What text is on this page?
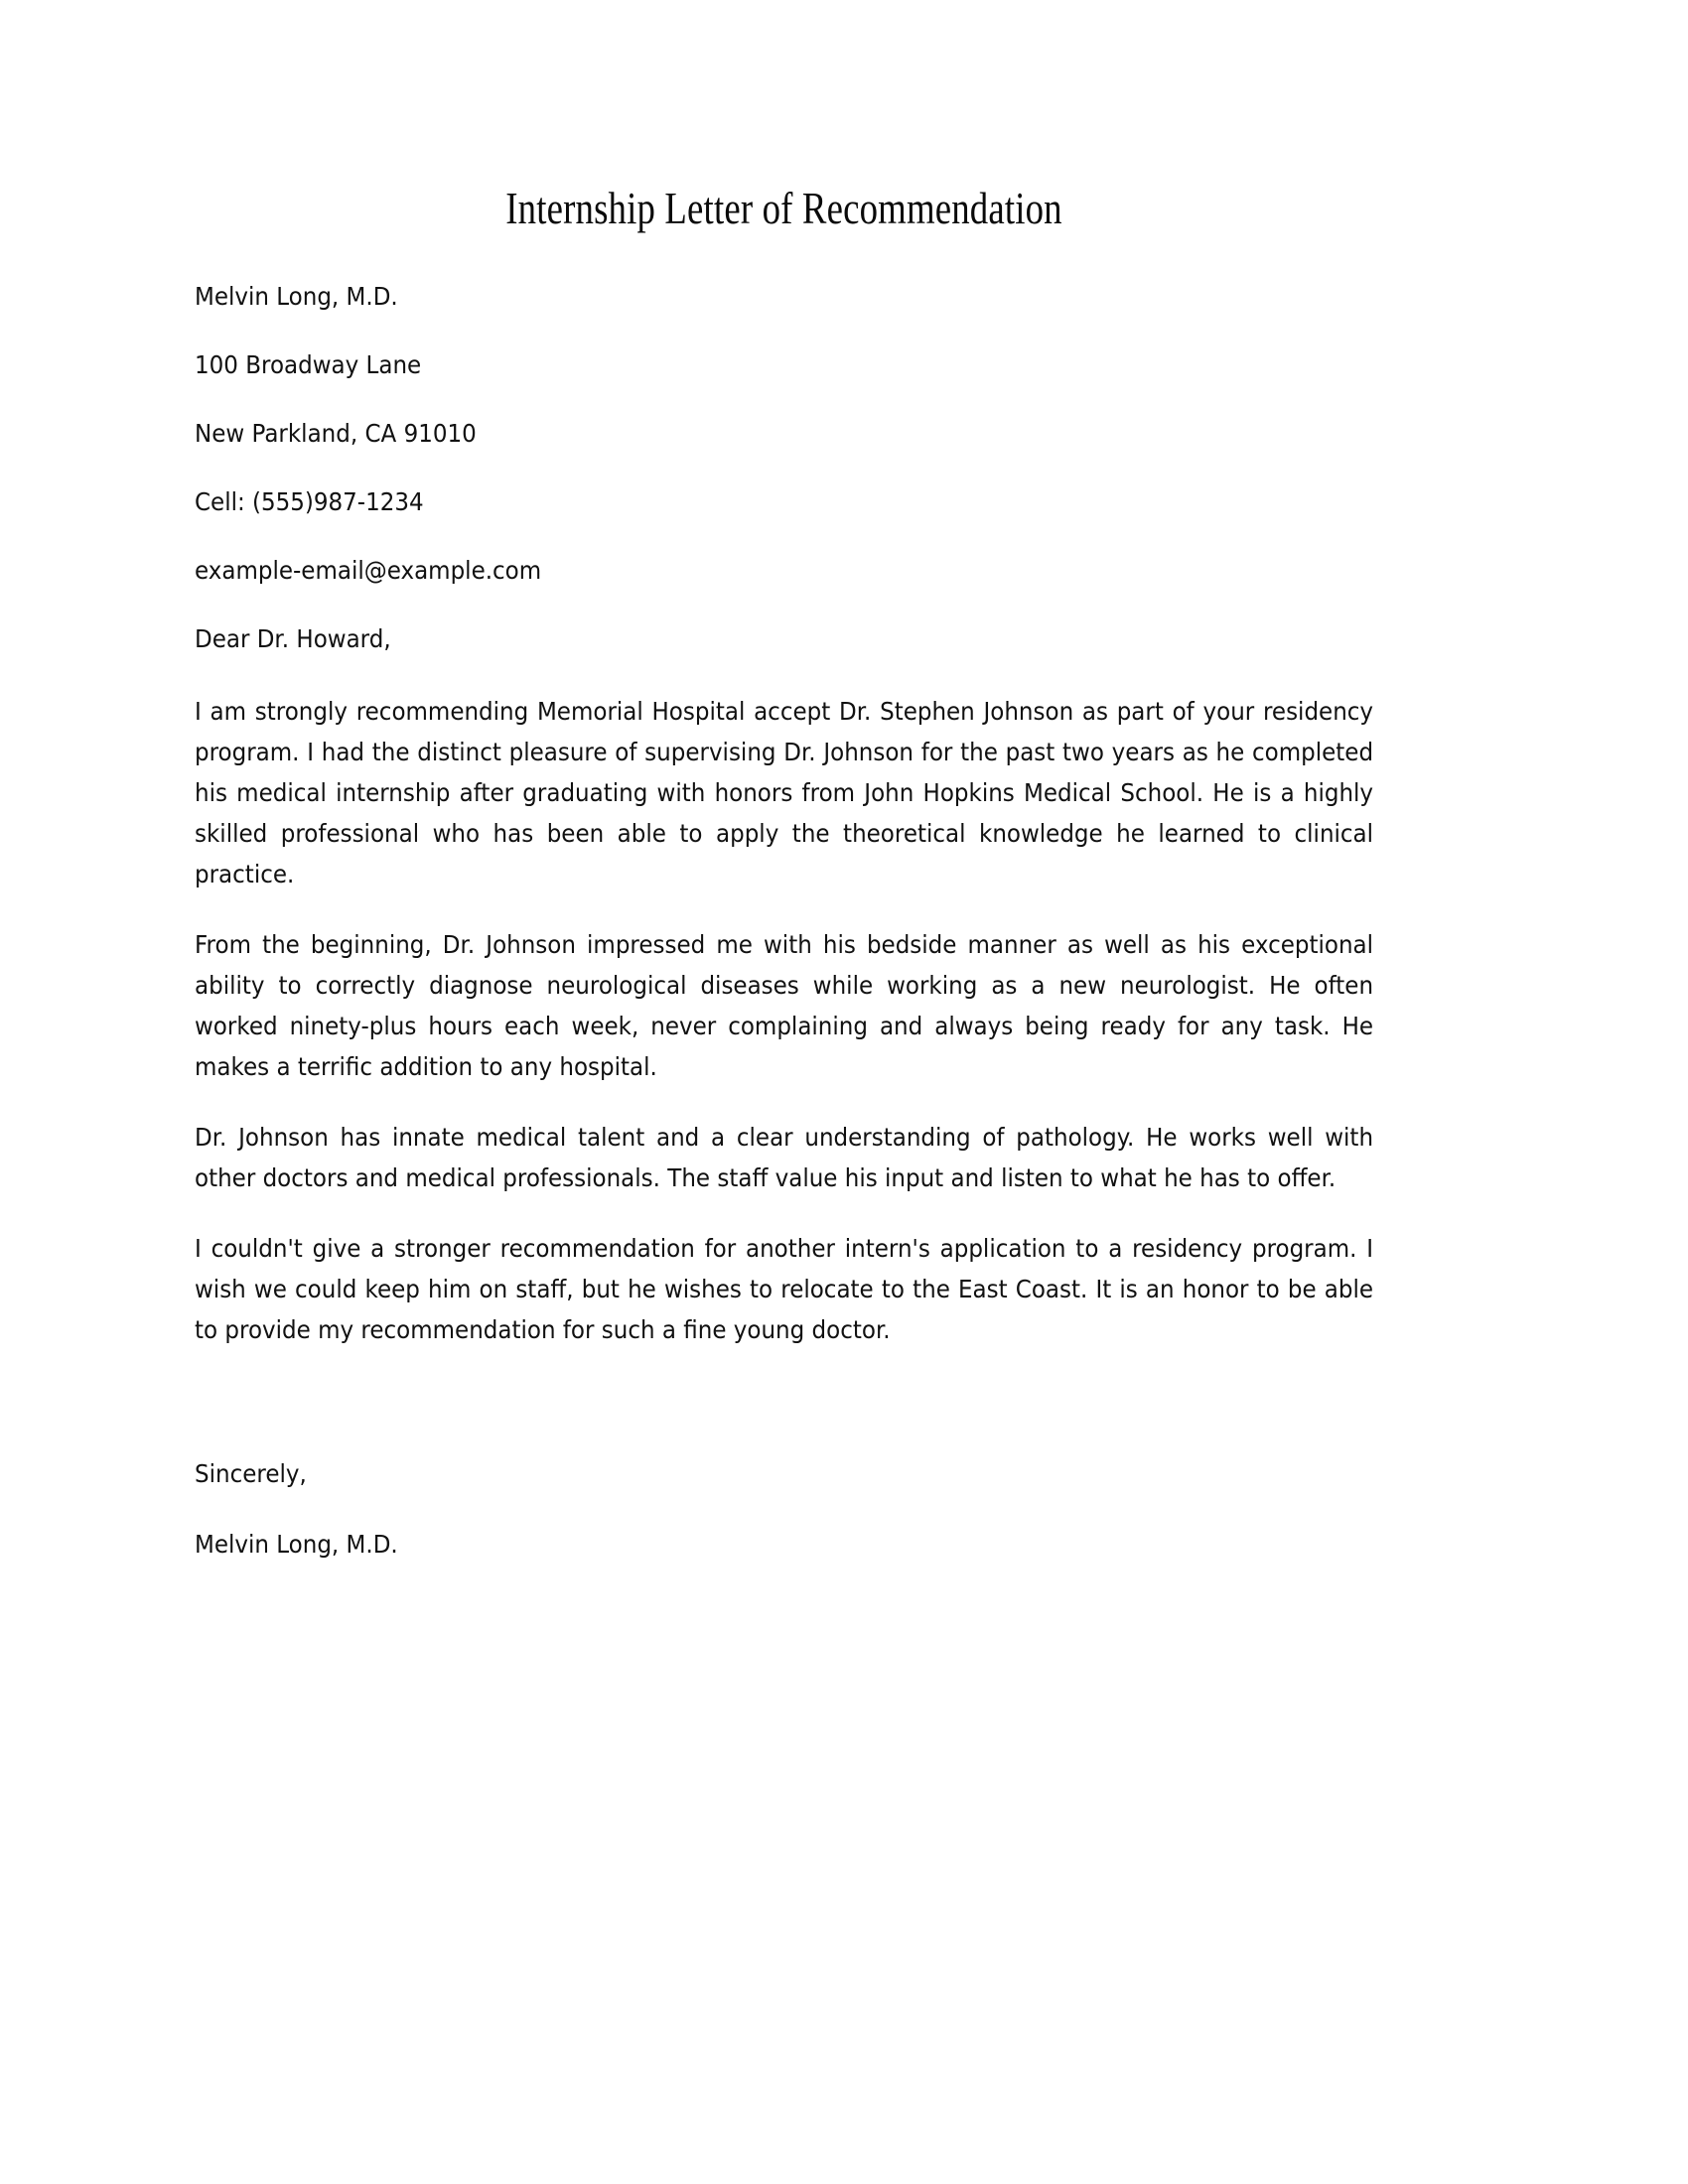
Internship Letter of Recommendation

Melvin Long, M.D.

100 Broadway Lane

New Parkland, CA 91010

Cell: (555)987-1234

example-email@example.com

Dear Dr. Howard,

I am strongly recommending Memorial Hospital accept Dr. Stephen Johnson as part of your residency program. I had the distinct pleasure of supervising Dr. Johnson for the past two years as he completed his medical internship after graduating with honors from John Hopkins Medical School. He is a highly skilled professional who has been able to apply the theoretical knowledge he learned to clinical practice.

From the beginning, Dr. Johnson impressed me with his bedside manner as well as his exceptional ability to correctly diagnose neurological diseases while working as a new neurologist. He often worked ninety-plus hours each week, never complaining and always being ready for any task. He makes a terrific addition to any hospital.

Dr. Johnson has innate medical talent and a clear understanding of pathology. He works well with other doctors and medical professionals. The staff value his input and listen to what he has to offer.

I couldn't give a stronger recommendation for another intern's application to a residency program. I wish we could keep him on staff, but he wishes to relocate to the East Coast. It is an honor to be able to provide my recommendation for such a fine young doctor.

Sincerely,

Melvin Long, M.D.
